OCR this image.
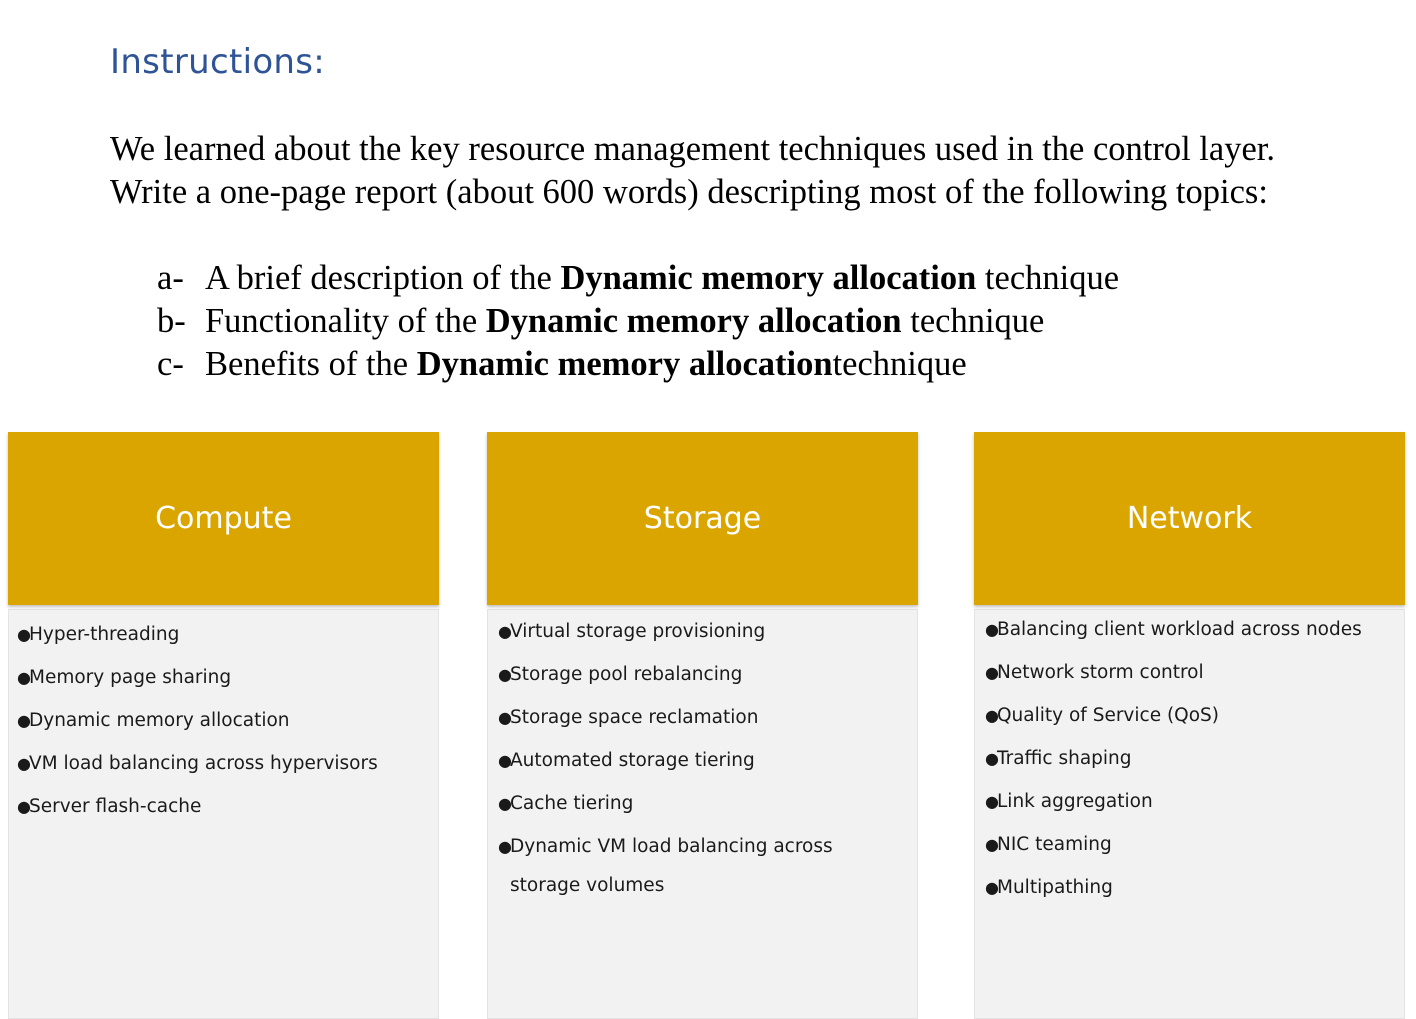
Instructions:

We learned about the key resource management techniques used in the control layer. Write a one-page report (about 600 words) descripting most of the following topics:

a- A brief description of the Dynamic memory allocation technique
b- Functionality of the Dynamic memory allocation technique
c- Benefits of the Dynamic memory allocationtechnique
Compute
●
Hyper-threading
●
Memory page sharing
●
Dynamic memory allocation
●
VM load balancing across hypervisors
●
Server flash-cache
Storage
●
Virtual storage provisioning
●
Storage pool rebalancing
●
Storage space reclamation
●
Automated storage tiering
●
Cache tiering
●
Dynamic VM load balancing across storage volumes
Network
●
Balancing client workload across nodes
●
Network storm control
●
Quality of Service (QoS)
●
Traffic shaping
●
Link aggregation
●
NIC teaming
●
Multipathing
